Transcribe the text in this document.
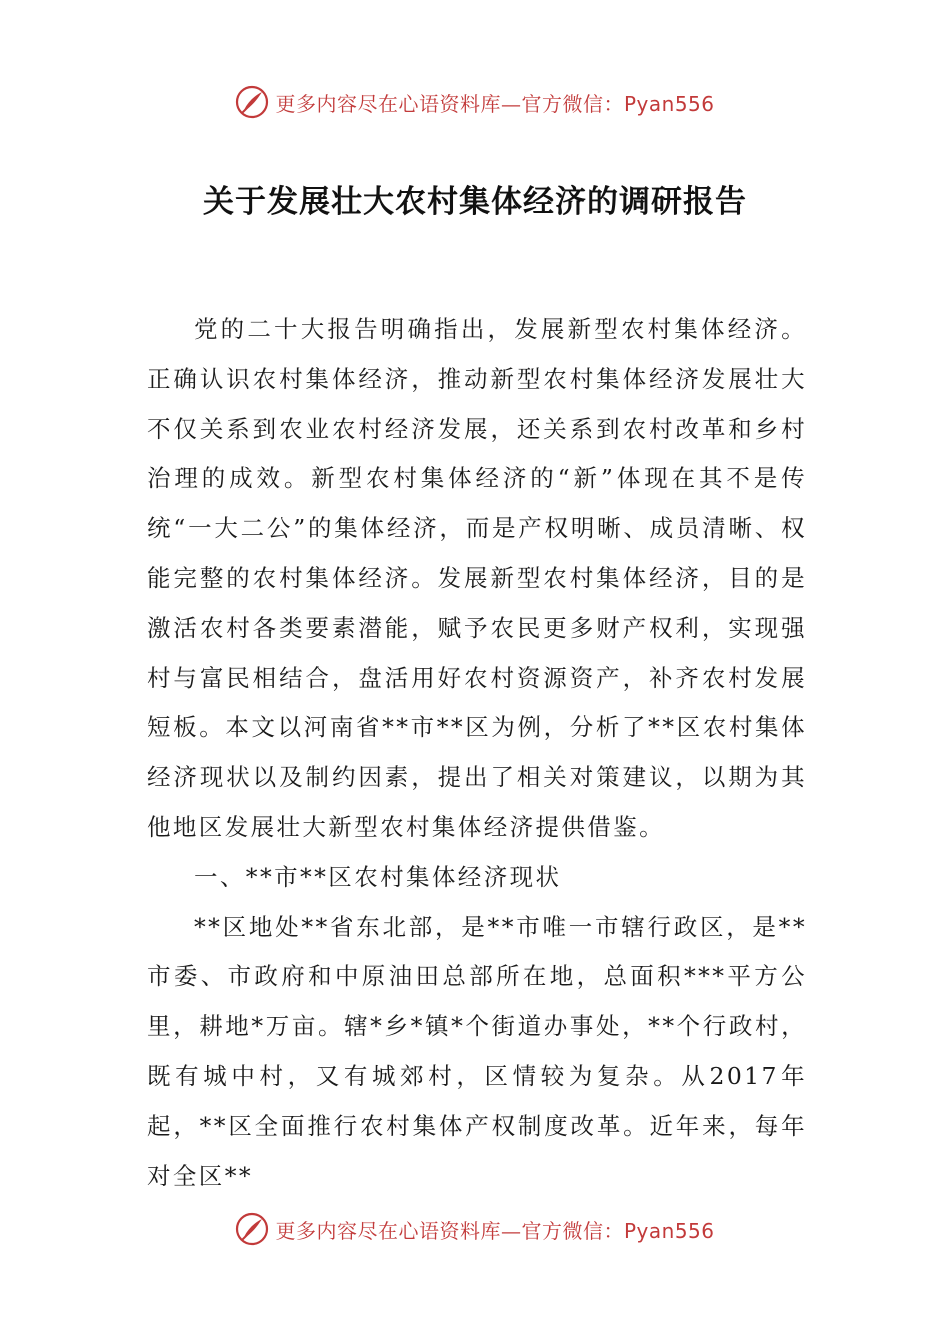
更多内容尽在心语资料库—官方微信：Pyan556
关于发展壮大农村集体经济的调研报告

党的二十大报告明确指出，发展新型农村集体经济。正确认识农村集体经济，推动新型农村集体经济发展壮大不仅关系到农业农村经济发展，还关系到农村改革和乡村治理的成效。新型农村集体经济的“新”体现在其不是传统“一大二公”的集体经济，而是产权明晰、成员清晰、权能完整的农村集体经济。发展新型农村集体经济，目的是激活农村各类要素潜能，赋予农民更多财产权利，实现强村与富民相结合，盘活用好农村资源资产，补齐农村发展短板。本文以河南省**市**区为例，分析了**区农村集体经济现状以及制约因素，提出了相关对策建议，以期为其他地区发展壮大新型农村集体经济提供借鉴。

一、**市**区农村集体经济现状

**区地处**省东北部，是**市唯一市辖行政区，是**市委、市政府和中原油田总部所在地，总面积***平方公里，耕地*万亩。辖*乡*镇*个街道办事处，**个行政村，既有城中村，又有城郊村，区情较为复杂。从2017年起，**区全面推行农村集体产权制度改革。近年来，每年对全区**

更多内容尽在心语资料库—官方微信：Pyan556
